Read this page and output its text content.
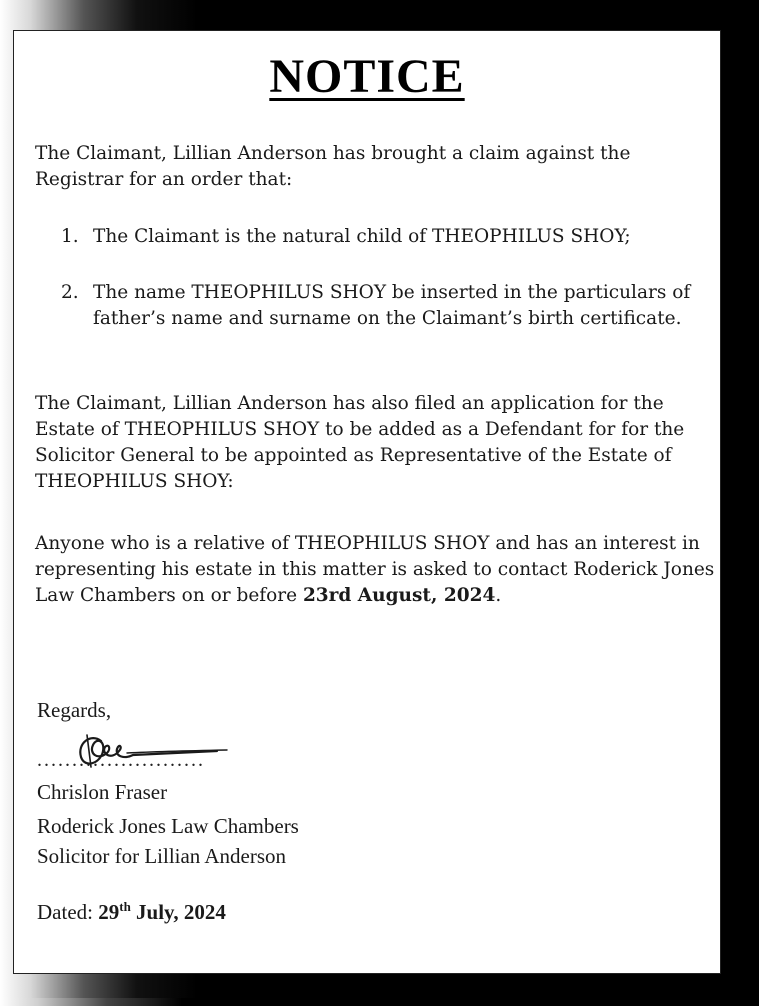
NOTICE

The Claimant, Lillian Anderson has brought a claim against the Registrar for an order that:

1. The Claimant is the natural child of THEOPHILUS SHOY;
2. The name THEOPHILUS SHOY be inserted in the particulars of father’s name and surname on the Claimant’s birth certificate.

The Claimant, Lillian Anderson has also filed an application for the Estate of THEOPHILUS SHOY to be added as a Defendant for for the Solicitor General to be appointed as Representative of the Estate of THEOPHILUS SHOY:

Anyone who is a relative of THEOPHILUS SHOY and has an interest in representing his estate in this matter is asked to contact Roderick Jones Law Chambers on or before 23rd August, 2024.

Regards,
........................
Chrislon Fraser
Roderick Jones Law Chambers
Solicitor for Lillian Anderson
Dated: 29th July, 2024
